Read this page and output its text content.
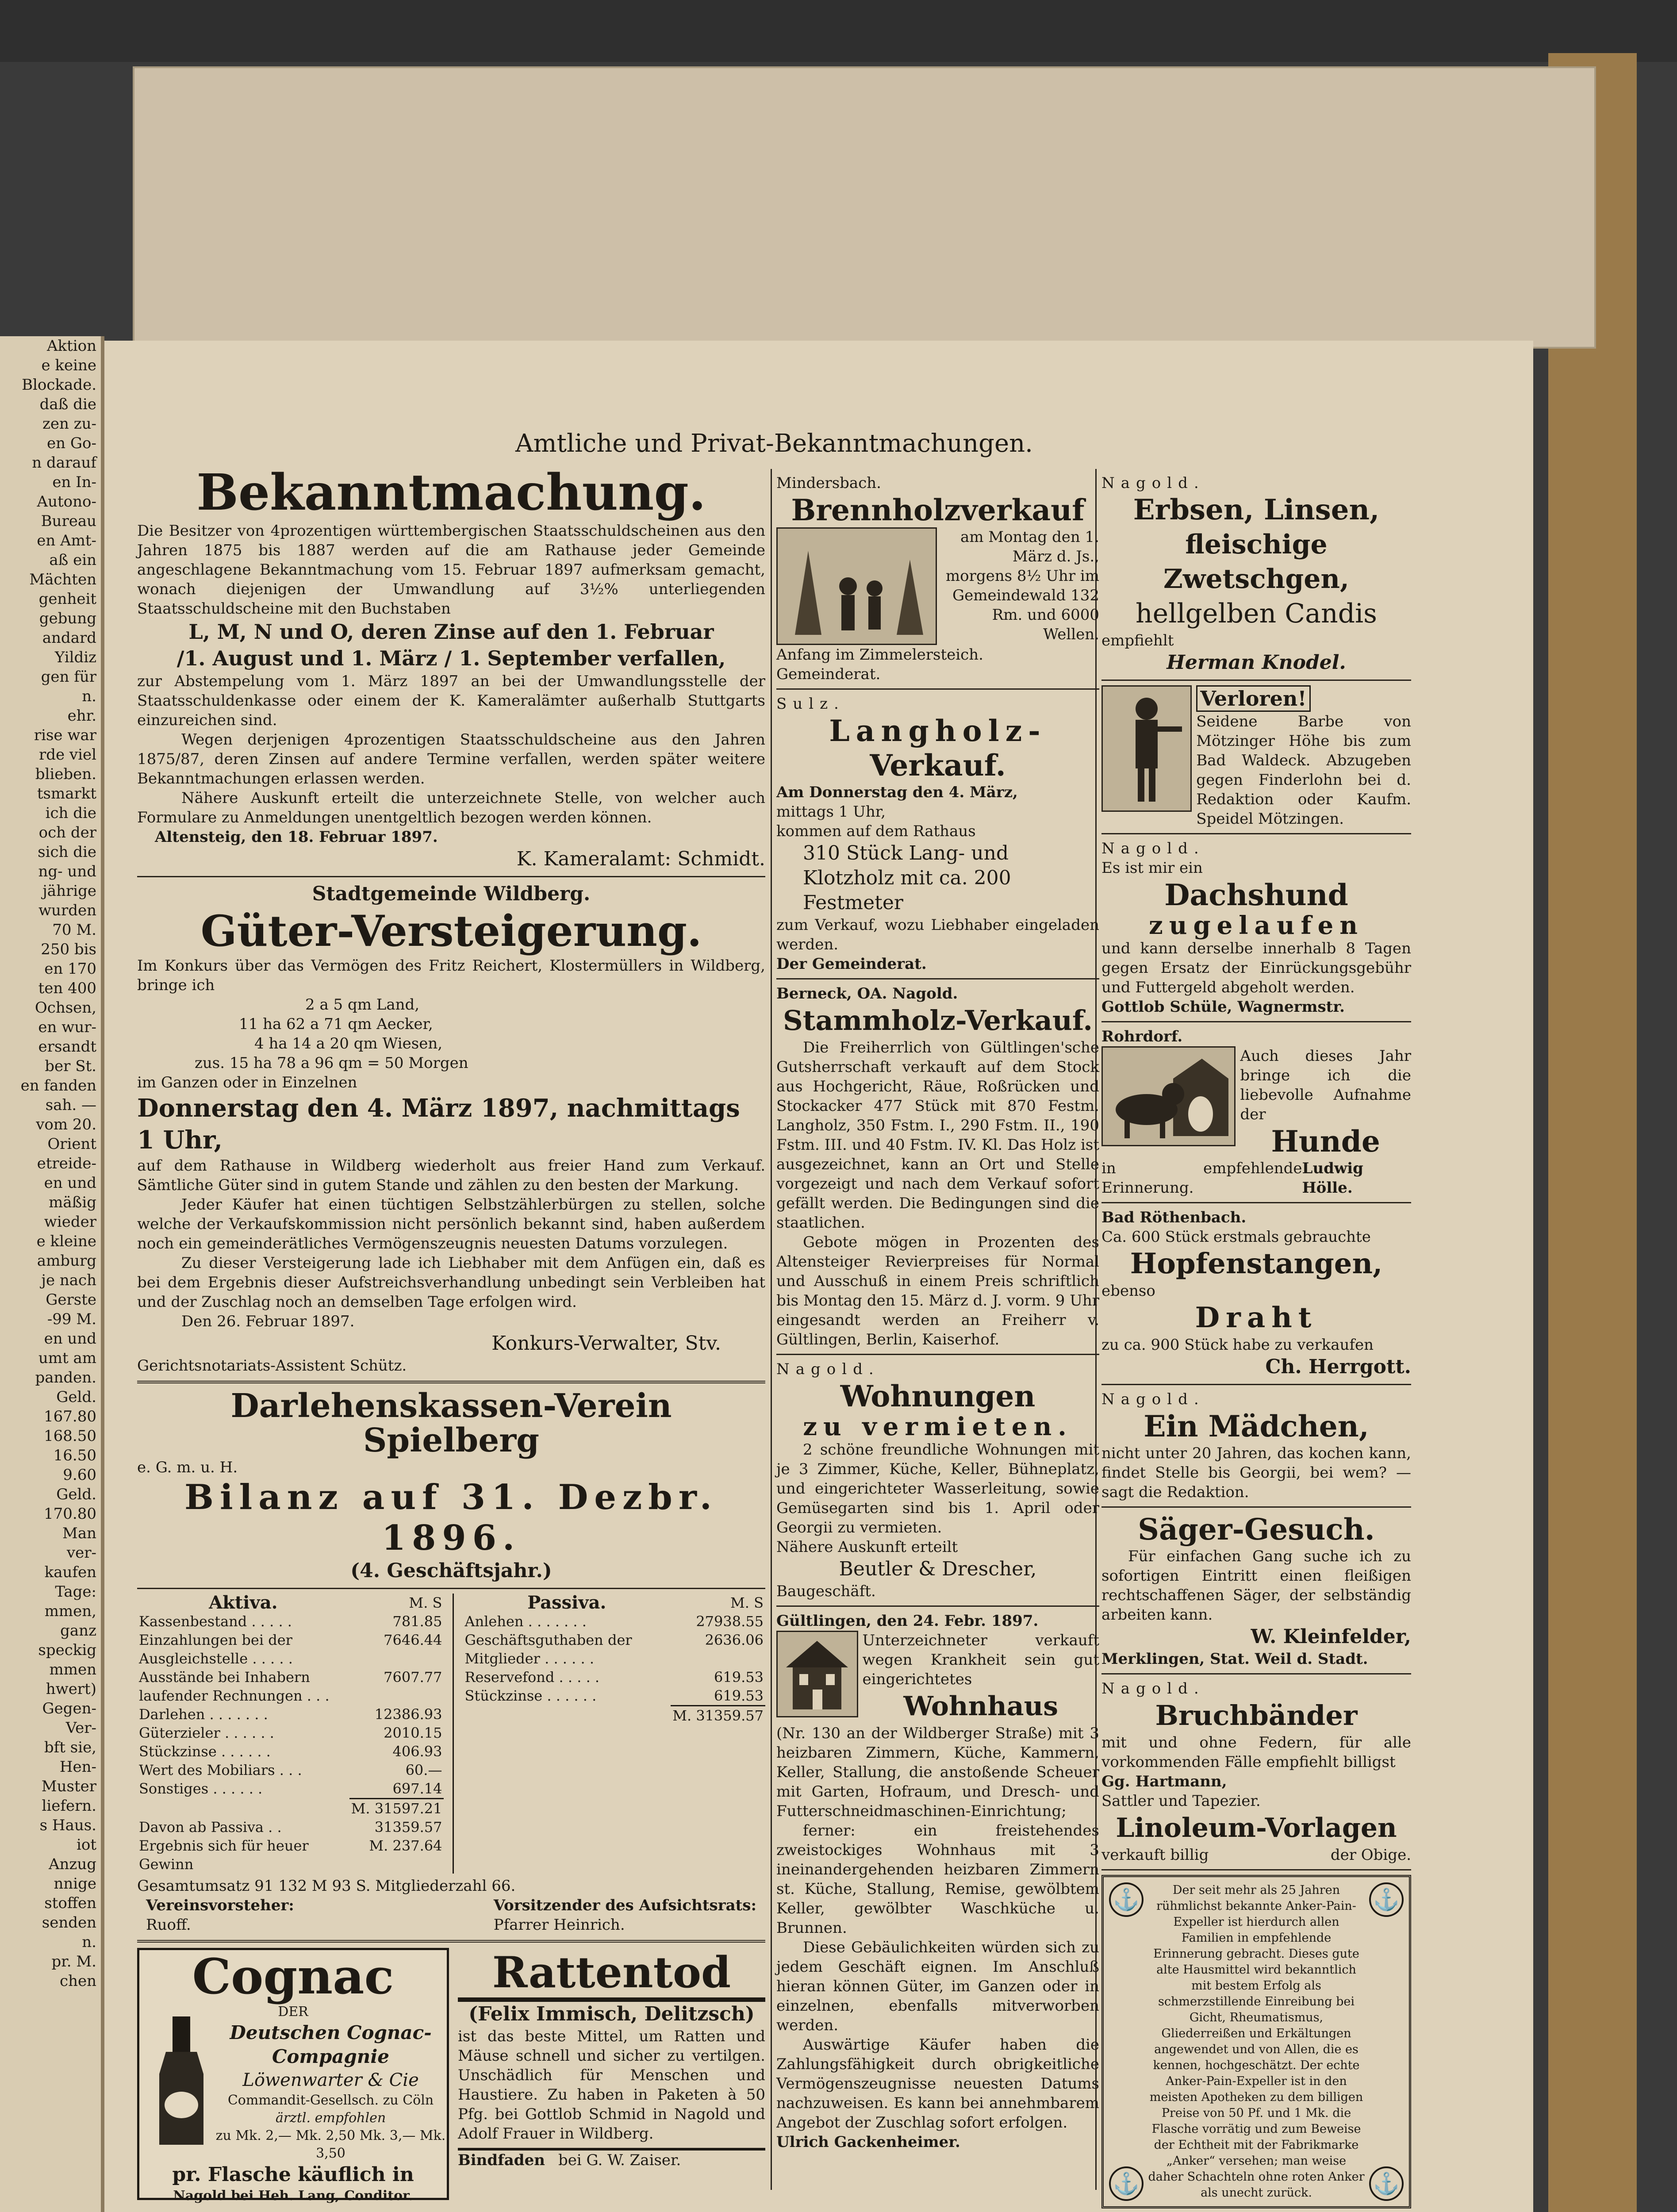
Aktion
e keine
Blockade.
daß die
zen zu-
en Go-
n darauf
en In-
Autono-
Bureau
en Amt-
aß ein
Mächten
genheit
gebung
andard
Yildiz
gen für
n.
ehr.
rise war
rde viel
blieben.
tsmarkt
ich die
och der
sich die
ng- und
jährige
wurden
70 M.
250 bis
en 170
ten 400
Ochsen,
en wur-
ersandt
ber St.
en fanden
sah. —
vom 20.
Orient
etreide-
en und
mäßig
wieder
e kleine
amburg
je nach
Gerste
-99 M.
en und
umt am
panden.
Geld.
167.80
168.50
16.50
9.60
Geld.
170.80
Man
ver-
kaufen
Tage:
mmen,
ganz
speckig
mmen
hwert)
Gegen-
Ver-
bft sie,
Hen-
Muster
liefern.
s Haus.
iot
Anzug
nnige
stoffen
senden
n.
pr. M.
chen
Amtliche und Privat-Bekanntmachungen.
Bekanntmachung.

Die Besitzer von 4prozentigen württembergischen Staatsschuldscheinen aus den Jahren 1875 bis 1887 werden auf die am Rathause jeder Gemeinde angeschlagene Bekanntmachung vom 15. Februar 1897 aufmerksam gemacht, wonach diejenigen der Umwandlung auf 3½% unterliegenden Staatsschuldscheine mit den Buchstaben

L, M, N und O, deren Zinse auf den 1. Februar

/1. August und 1. März / 1. September verfallen,

zur Abstempelung vom 1. März 1897 an bei der Umwandlungsstelle der Staatsschuldenkasse oder einem der K. Kameralämter außerhalb Stuttgarts einzureichen sind.

Wegen derjenigen 4prozentigen Staatsschuldscheine aus den Jahren 1875/87, deren Zinsen auf andere Termine verfallen, werden später weitere Bekanntmachungen erlassen werden.

Nähere Auskunft erteilt die unterzeichnete Stelle, von welcher auch Formulare zu Anmeldungen unentgeltlich bezogen werden können.

Altensteig, den 18. Februar 1897.

K. Kameralamt: Schmidt.

Stadtgemeinde Wildberg.

Güter-Versteigerung.

Im Konkurs über das Vermögen des Fritz Reichert, Klostermüllers in Wildberg, bringe ich

2 a 5 qm Land,

11 ha 62 a 71 qm Aecker,

4 ha 14 a 20 qm Wiesen,

zus. 15 ha 78 a 96 qm = 50 Morgen

im Ganzen oder in Einzelnen

Donnerstag den 4. März 1897, nachmittags 1 Uhr,

auf dem Rathause in Wildberg wiederholt aus freier Hand zum Verkauf. Sämtliche Güter sind in gutem Stande und zählen zu den besten der Markung.

Jeder Käufer hat einen tüchtigen Selbstzählerbürgen zu stellen, solche welche der Verkaufskommission nicht persönlich bekannt sind, haben außerdem noch ein gemeinderätliches Vermögenszeugnis neuesten Datums vorzulegen.

Zu dieser Versteigerung lade ich Liebhaber mit dem Anfügen ein, daß es bei dem Ergebnis dieser Aufstreichsverhandlung unbedingt sein Verbleiben hat und der Zuschlag noch an demselben Tage erfolgen wird.

Den 26. Februar 1897.

Konkurs-Verwalter, Stv.

Gerichtsnotariats-Assistent Schütz.

Darlehenskassen-Verein Spielberg

e. G. m. u. H.

Bilanz auf 31. Dezbr. 1896.

(4. Geschäftsjahr.)

Aktiva.	M. S
Kassenbestand . . . . .	781.85
Einzahlungen bei der Ausgleichstelle . . . . .	7646.44
Ausstände bei Inhabern laufender Rechnungen . . .	7607.77
Darlehen . . . . . . .	12386.93
Güterzieler . . . . . .	2010.15
Stückzinse . . . . . .	406.93
Wert des Mobiliars . . .	60.—
Sonstiges . . . . . .	697.14
	M. 31597.21
Davon ab Passiva . .	31359.57
Ergebnis sich für heuer Gewinn	M. 237.64
Passiva.	M. S
Anlehen . . . . . . .	27938.55
Geschäftsguthaben der Mitglieder . . . . . .	2636.06
Reservefond . . . . .	619.53
Stückzinse . . . . . .	619.53
	M. 31359.57

Gesamtumsatz 91 132 M 93 S. Mitgliederzahl 66.

Vereinsvorsteher:

Ruoff.

Vorsitzender des Aufsichtsrats:

Pfarrer Heinrich.

Cognac
DER
Deutschen Cognac-Compagnie
Löwenwarter & Cie
Commandit-Gesellsch. zu Cöln
ärztl. empfohlen
zu Mk. 2,— Mk. 2,50 Mk. 3,— Mk. 3,50
pr. Flasche käuflich in
Nagold bei Heh. Lang, Conditor.
Rattentod

(Felix Immisch, Delitzsch)

ist das beste Mittel, um Ratten und Mäuse schnell und sicher zu vertilgen. Unschädlich für Menschen und Haustiere. Zu haben in Paketen à 50 Pfg. bei Gottlob Schmid in Nagold und Adolf Frauer in Wildberg.

Bindfaden bei G. W. Zaiser.

Mindersbach.

Brennholzverkauf

am Montag den 1. März d. Js., morgens 8½ Uhr im Gemeindewald 132 Rm. und 6000 Wellen.

Anfang im Zimmelersteich.

Gemeinderat.

Sulz.

Langholz-
Verkauf.

Am Donnerstag den 4. März,

mittags 1 Uhr,

kommen auf dem Rathaus

310 Stück Lang- und Klotzholz mit ca. 200 Festmeter

zum Verkauf, wozu Liebhaber eingeladen werden.

Der Gemeinderat.

Berneck, OA. Nagold.

Stammholz-Verkauf.

Die Freiherrlich von Gültlingen'sche Gutsherrschaft verkauft auf dem Stock aus Hochgericht, Räue, Roßrücken und Stockacker 477 Stück mit 870 Festm. Langholz, 350 Fstm. I., 290 Fstm. II., 190 Fstm. III. und 40 Fstm. IV. Kl. Das Holz ist ausgezeichnet, kann an Ort und Stelle vorgezeigt und nach dem Verkauf sofort gefällt werden. Die Bedingungen sind die staatlichen.

Gebote mögen in Prozenten des Altensteiger Revierpreises für Normal und Ausschuß in einem Preis schriftlich bis Montag den 15. März d. J. vorm. 9 Uhr eingesandt werden an Freiherr v. Gültlingen, Berlin, Kaiserhof.

Nagold.

Wohnungen
zu vermieten.

2 schöne freundliche Wohnungen mit je 3 Zimmer, Küche, Keller, Bühneplatz, und eingerichteter Wasserleitung, sowie Gemüsegarten sind bis 1. April oder Georgii zu vermieten.

Nähere Auskunft erteilt

Beutler & Drescher,

Baugeschäft.

Gültlingen, den 24. Febr. 1897.

Unterzeichneter verkauft wegen Krankheit sein gut eingerichtetes

Wohnhaus

(Nr. 130 an der Wildberger Straße) mit 3 heizbaren Zimmern, Küche, Kammern, Keller, Stallung, die anstoßende Scheuer mit Garten, Hofraum, und Dresch- und Futterschneidmaschinen-Einrichtung;

ferner: ein freistehendes zweistockiges Wohnhaus mit 3 ineinandergehenden heizbaren Zimmern st. Küche, Stallung, Remise, gewölbtem Keller, gewölbter Waschküche u. Brunnen.

Diese Gebäulichkeiten würden sich zu jedem Geschäft eignen. Im Anschluß hieran können Güter, im Ganzen oder in einzelnen, ebenfalls mitverworben werden.

Auswärtige Käufer haben die Zahlungsfähigkeit durch obrigkeitliche Vermögenszeugnisse neuesten Datums nachzuweisen. Es kann bei annehmbarem Angebot der Zuschlag sofort erfolgen.

Ulrich Gackenheimer.

Nagold.

Erbsen, Linsen,
fleischige Zwetschgen,
hellgelben Candis

empfiehlt

Herman Knodel.

Verloren!

Seidene Barbe von Mötzinger Höhe bis zum Bad Waldeck. Abzugeben gegen Finderlohn bei d. Redaktion oder Kaufm. Speidel Mötzingen.

Nagold.

Es ist mir ein

Dachshund
zugelaufen

und kann derselbe innerhalb 8 Tagen gegen Ersatz der Einrückungsgebühr und Futtergeld abgeholt werden.

Gottlob Schüle, Wagnermstr.

Rohrdorf.

Auch dieses Jahr bringe ich die liebevolle Aufnahme der

Hunde
in empfehlende Erinnerung.
Ludwig Hölle.

Bad Röthenbach.

Ca. 600 Stück erstmals gebrauchte

Hopfenstangen,

ebenso

Draht

zu ca. 900 Stück habe zu verkaufen

Ch. Herrgott.

Nagold.

Ein Mädchen,

nicht unter 20 Jahren, das kochen kann, findet Stelle bis Georgii, bei wem? — sagt die Redaktion.

Säger-Gesuch.

Für einfachen Gang suche ich zu sofortigen Eintritt einen fleißigen rechtschaffenen Säger, der selbständig arbeiten kann.

W. Kleinfelder,

Merklingen, Stat. Weil d. Stadt.

Nagold.

Bruchbänder

mit und ohne Federn, für alle vorkommenden Fälle empfiehlt billigst

Gg. Hartmann,

Sattler und Tapezier.

Linoleum-Vorlagen
verkauft billig	der Obige.
⚓
⚓

Der seit mehr als 25 Jahren rühmlichst bekannte Anker-Pain-Expeller ist hierdurch allen Familien in empfehlende Erinnerung gebracht. Dieses gute alte Hausmittel wird bekanntlich mit bestem Erfolg als schmerzstillende Einreibung bei Gicht, Rheumatismus, Gliederreißen und Erkältungen angewendet und von Allen, die es kennen, hochgeschätzt. Der echte Anker-Pain-Expeller ist in den meisten Apotheken zu dem billigen Preise von 50 Pf. und 1 Mk. die Flasche vorrätig und zum Beweise der Echtheit mit der Fabrikmarke „Anker“ versehen; man weise daher Schachteln ohne roten Anker als unecht zurück.

⚓
⚓
